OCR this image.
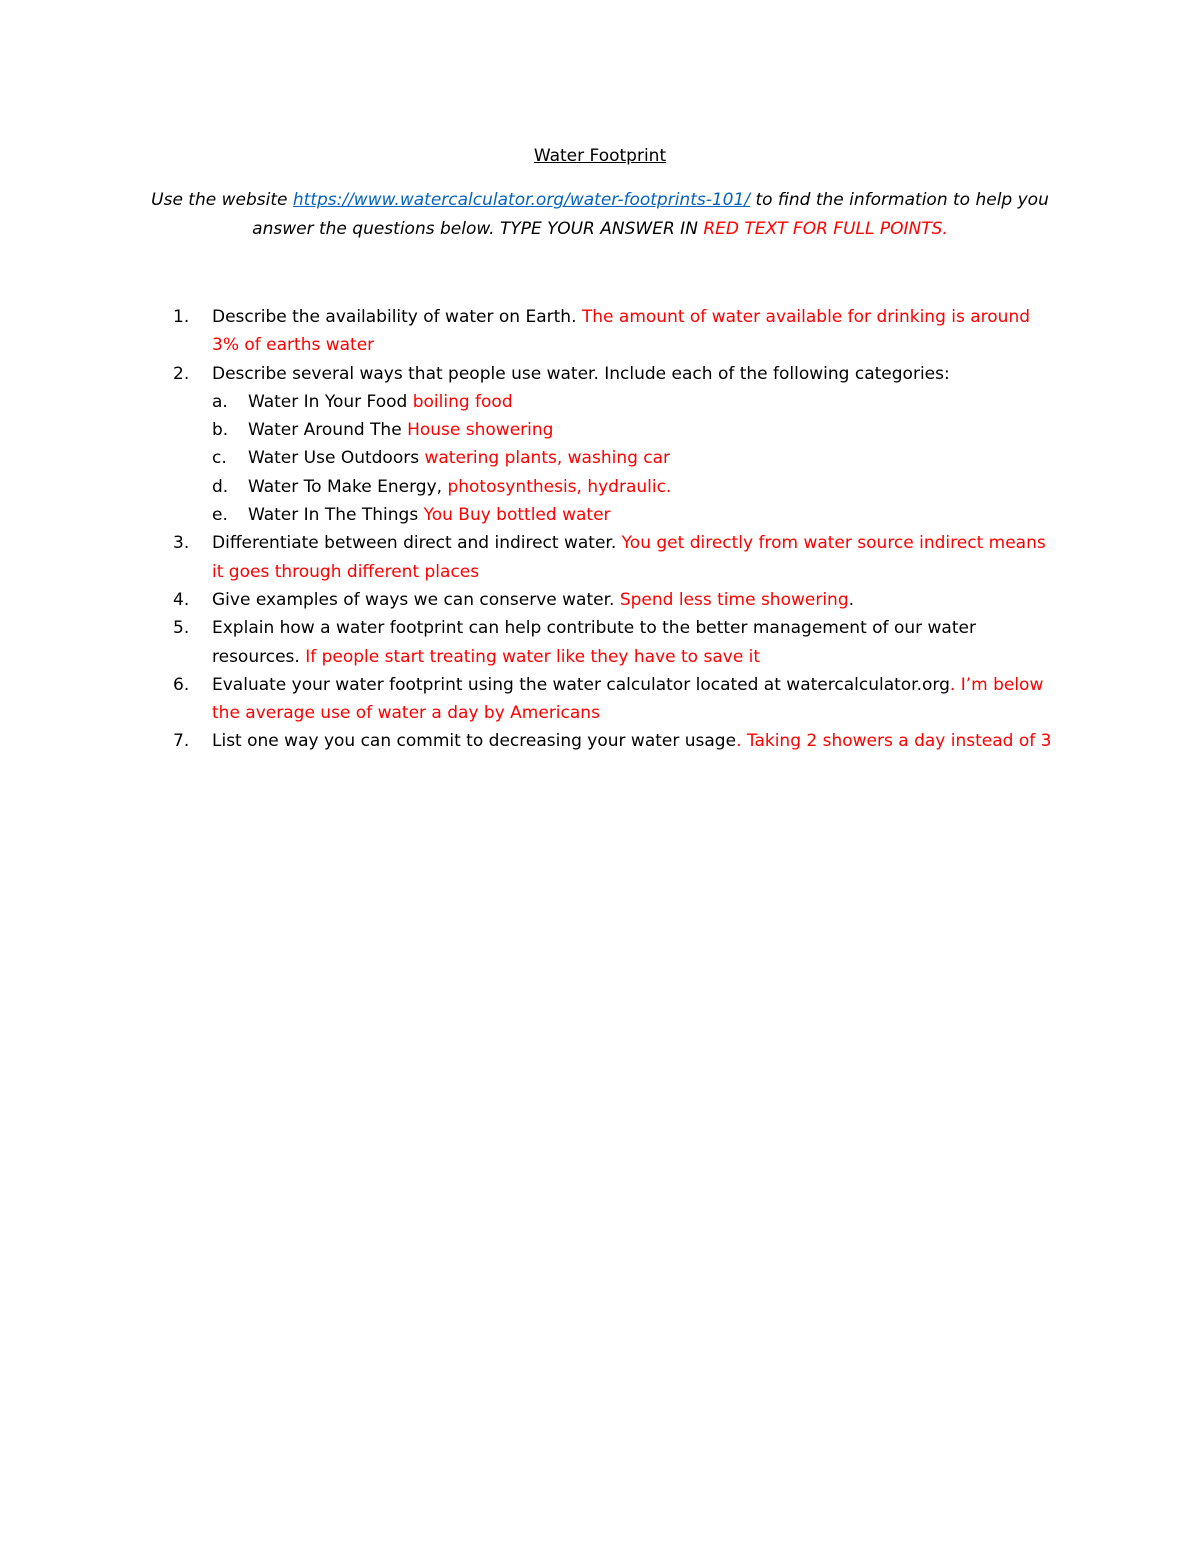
Water Footprint
Use the website https://www.watercalculator.org/water-footprints-101/ to find the information to help you answer the questions below. TYPE YOUR ANSWER IN RED TEXT FOR FULL POINTS.
1. Describe the availability of water on Earth. The amount of water available for drinking is around 3% of earths water
2. Describe several ways that people use water. Include each of the following categories:
a. Water In Your Food boiling food
b. Water Around The House showering
c. Water Use Outdoors watering plants, washing car
d. Water To Make Energy, photosynthesis, hydraulic.
e. Water In The Things You Buy bottled water
3. Differentiate between direct and indirect water. You get directly from water source indirect means it goes through different places
4. Give examples of ways we can conserve water. Spend less time showering.
5. Explain how a water footprint can help contribute to the better management of our water resources. If people start treating water like they have to save it
6. Evaluate your water footprint using the water calculator located at watercalculator.org. I’m below the average use of water a day by Americans
7. List one way you can commit to decreasing your water usage. Taking 2 showers a day instead of 3
